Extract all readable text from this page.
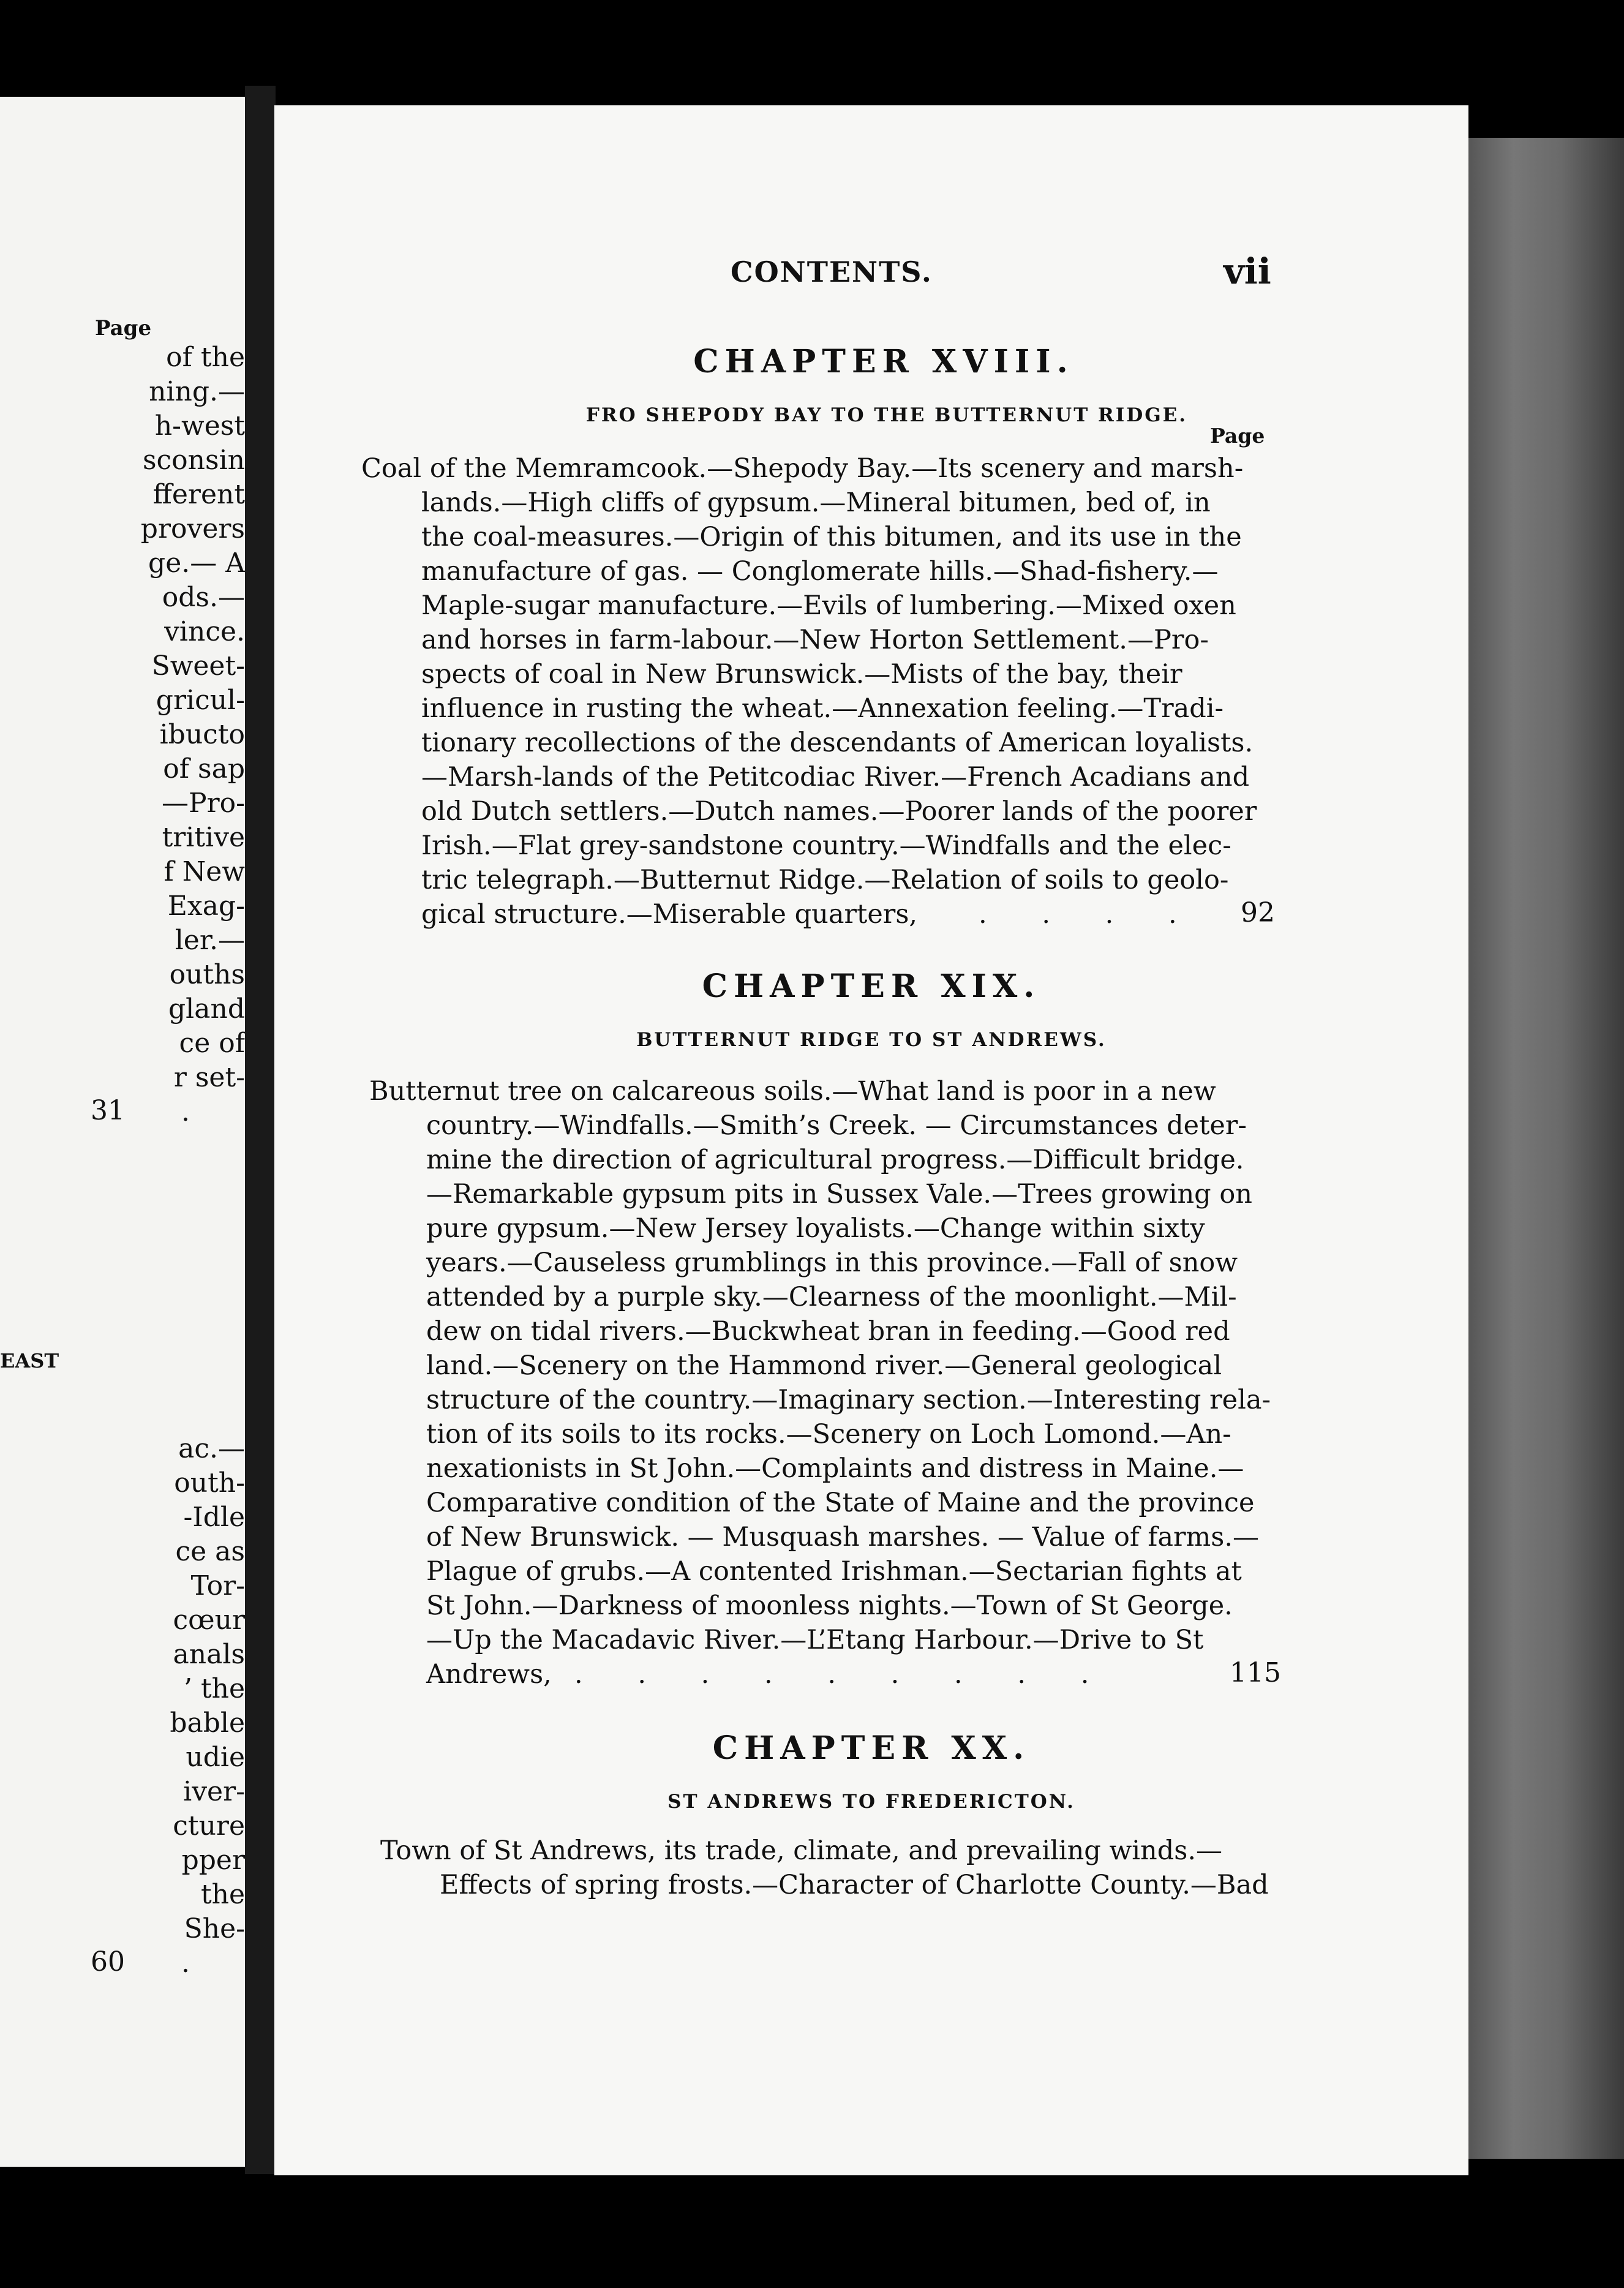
Page
of the
ning.—
h-west
sconsin
fferent
provers
ge.— A
ods.—
vince.
Sweet-
gricul-
ibucto
of sap
—Pro-
tritive
f New
Exag-
ler.—
ouths
gland
ce of
r set-
.
31
EAST
ac.—
outh-
-Idle
ce as
Tor-
cœur
anals
’ the
bable
udie
iver-
cture
pper
the
She-
.
60
CONTENTS.	vii
CHAPTER XVIII.
FRO SHEPODY BAY TO THE BUTTERNUT RIDGE.
Page
Coal of the Memramcook.—Shepody Bay.—Its scenery and marsh-
lands.—High cliffs of gypsum.—Mineral bitumen, bed of, in
the coal-measures.—Origin of this bitumen, and its use in the
manufacture of gas. — Conglomerate hills.—Shad-fishery.—
Maple-sugar manufacture.—Evils of lumbering.—Mixed oxen
and horses in farm-labour.—New Horton Settlement.—Pro-
spects of coal in New Brunswick.—Mists of the bay, their
influence in rusting the wheat.—Annexation feeling.—Tradi-
tionary recollections of the descendants of American loyalists.
—Marsh-lands of the Petitcodiac River.—French Acadians and
old Dutch settlers.—Dutch names.—Poorer lands of the poorer
Irish.—Flat grey-sandstone country.—Windfalls and the elec-
tric telegraph.—Butternut Ridge.—Relation of soils to geolo-
gical structure.—Miserable quarters, . . . . 92
CHAPTER XIX.
BUTTERNUT RIDGE TO ST ANDREWS.
Butternut tree on calcareous soils.—What land is poor in a new
country.—Windfalls.—Smith’s Creek. — Circumstances deter-
mine the direction of agricultural progress.—Difficult bridge.
—Remarkable gypsum pits in Sussex Vale.—Trees growing on
pure gypsum.—New Jersey loyalists.—Change within sixty
years.—Causeless grumblings in this province.—Fall of snow
attended by a purple sky.—Clearness of the moonlight.—Mil-
dew on tidal rivers.—Buckwheat bran in feeding.—Good red
land.—Scenery on the Hammond river.—General geological
structure of the country.—Imaginary section.—Interesting rela-
tion of its soils to its rocks.—Scenery on Loch Lomond.—An-
nexationists in St John.—Complaints and distress in Maine.—
Comparative condition of the State of Maine and the province
of New Brunswick. — Musquash marshes. — Value of farms.—
Plague of grubs.—A contented Irishman.—Sectarian fights at
St John.—Darkness of moonless nights.—Town of St George.
—Up the Macadavic River.—L’Etang Harbour.—Drive to St
Andrews, . . . . . . . . .	115
CHAPTER XX.
ST ANDREWS TO FREDERICTON.
Town of St Andrews, its trade, climate, and prevailing winds.—
Effects of spring frosts.—Character of Charlotte County.—Bad
